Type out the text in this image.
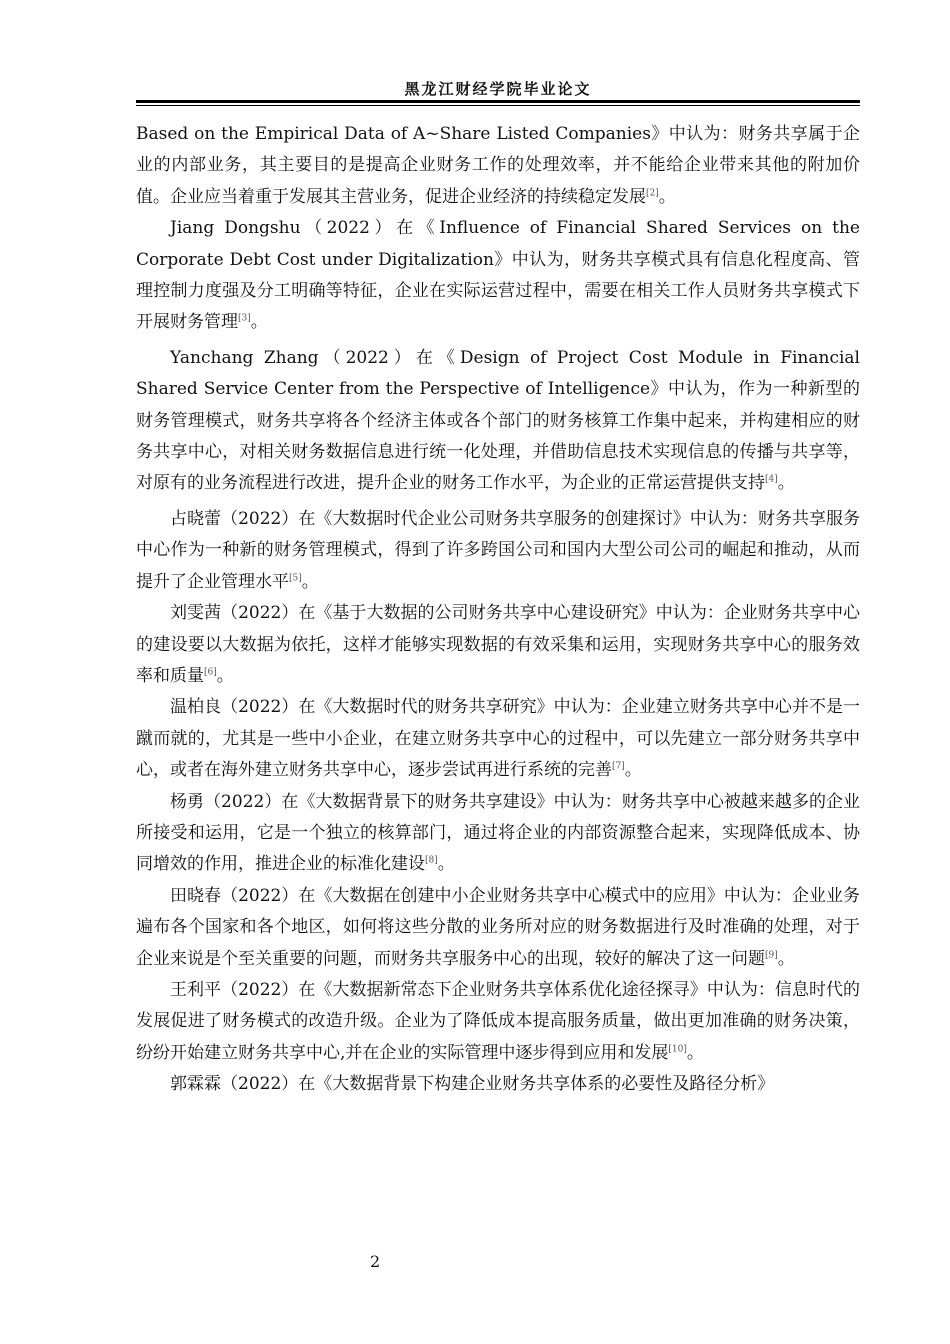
黑龙江财经学院毕业论文

Based on the Empirical Data of A~Share Listed Companies》中认为：财务共享属于企业的内部业务，其主要目的是提高企业财务工作的处理效率，并不能给企业带来其他的附加价值。企业应当着重于发展其主营业务，促进企业经济的持续稳定发展[2]。

Jiang Dongshu（2022）在《Influence of Financial Shared Services on the Corporate Debt Cost under Digitalization》中认为，财务共享模式具有信息化程度高、管理控制力度强及分工明确等特征，企业在实际运营过程中，需要在相关工作人员财务共享模式下开展财务管理[3]。

Yanchang Zhang（2022）在《Design of Project Cost Module in Financial Shared Service Center from the Perspective of Intelligence》中认为，作为一种新型的财务管理模式，财务共享将各个经济主体或各个部门的财务核算工作集中起来，并构建相应的财务共享中心，对相关财务数据信息进行统一化处理，并借助信息技术实现信息的传播与共享等，对原有的业务流程进行改进，提升企业的财务工作水平，为企业的正常运营提供支持[4]。

占晓蕾（2022）在《大数据时代企业公司财务共享服务的创建探讨》中认为：财务共享服务中心作为一种新的财务管理模式，得到了许多跨国公司和国内大型公司公司的崛起和推动，从而提升了企业管理水平[5]。

刘雯茜（2022）在《基于大数据的公司财务共享中心建设研究》中认为：企业财务共享中心的建设要以大数据为依托，这样才能够实现数据的有效采集和运用，实现财务共享中心的服务效率和质量[6]。

温柏良（2022）在《大数据时代的财务共享研究》中认为：企业建立财务共享中心并不是一蹴而就的，尤其是一些中小企业，在建立财务共享中心的过程中，可以先建立一部分财务共享中心，或者在海外建立财务共享中心，逐步尝试再进行系统的完善[7]。

杨勇（2022）在《大数据背景下的财务共享建设》中认为：财务共享中心被越来越多的企业所接受和运用，它是一个独立的核算部门，通过将企业的内部资源整合起来，实现降低成本、协同增效的作用，推进企业的标准化建设[8]。

田晓春（2022）在《大数据在创建中小企业财务共享中心模式中的应用》中认为：企业业务遍布各个国家和各个地区，如何将这些分散的业务所对应的财务数据进行及时准确的处理，对于企业来说是个至关重要的问题，而财务共享服务中心的出现，较好的解决了这一问题[9]。

王利平（2022）在《大数据新常态下企业财务共享体系优化途径探寻》中认为：信息时代的发展促进了财务模式的改造升级。企业为了降低成本提高服务质量，做出更加准确的财务决策，纷纷开始建立财务共享中心,并在企业的实际管理中逐步得到应用和发展[10]。

郭霖霖（2022）在《大数据背景下构建企业财务共享体系的必要性及路径分析》

2
